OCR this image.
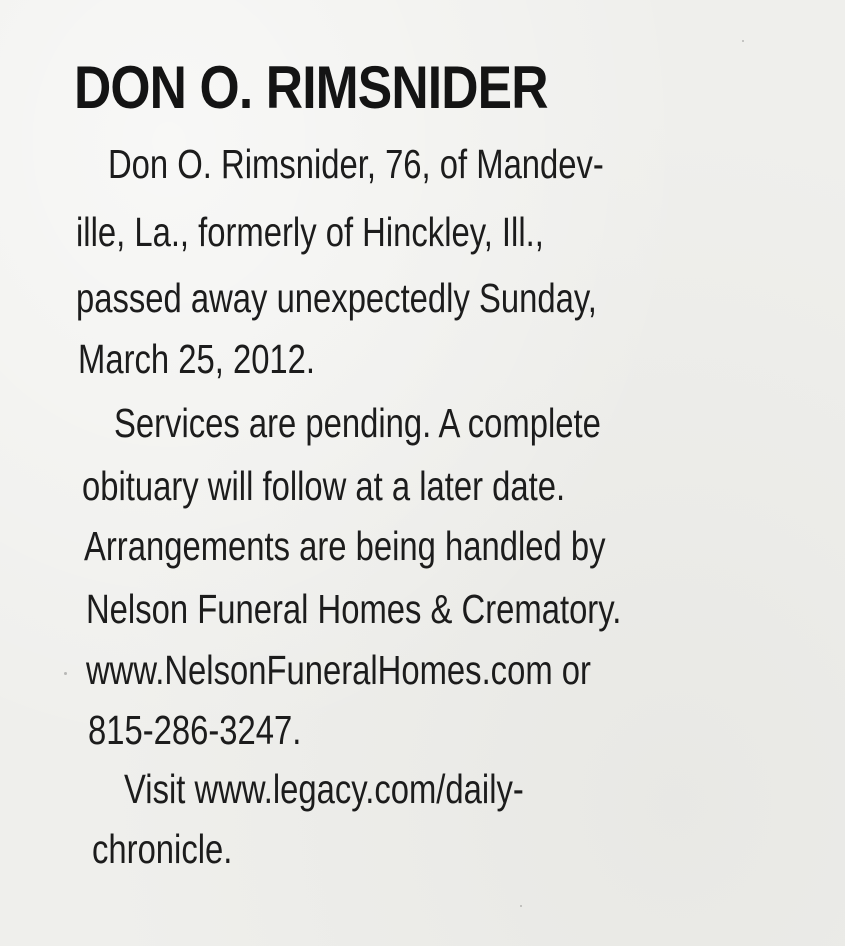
DON O. RIMSNIDER

Don O. Rimsnider, 76, of Mandev-

ille, La., formerly of Hinckley, Ill.,

passed away unexpectedly Sunday,

March 25, 2012.

Services are pending. A complete

obituary will follow at a later date.

Arrangements are being handled by

Nelson Funeral Homes & Crematory.

www.NelsonFuneralHomes.com or

815-286-3247.

Visit www.legacy.com/daily-

chronicle.
